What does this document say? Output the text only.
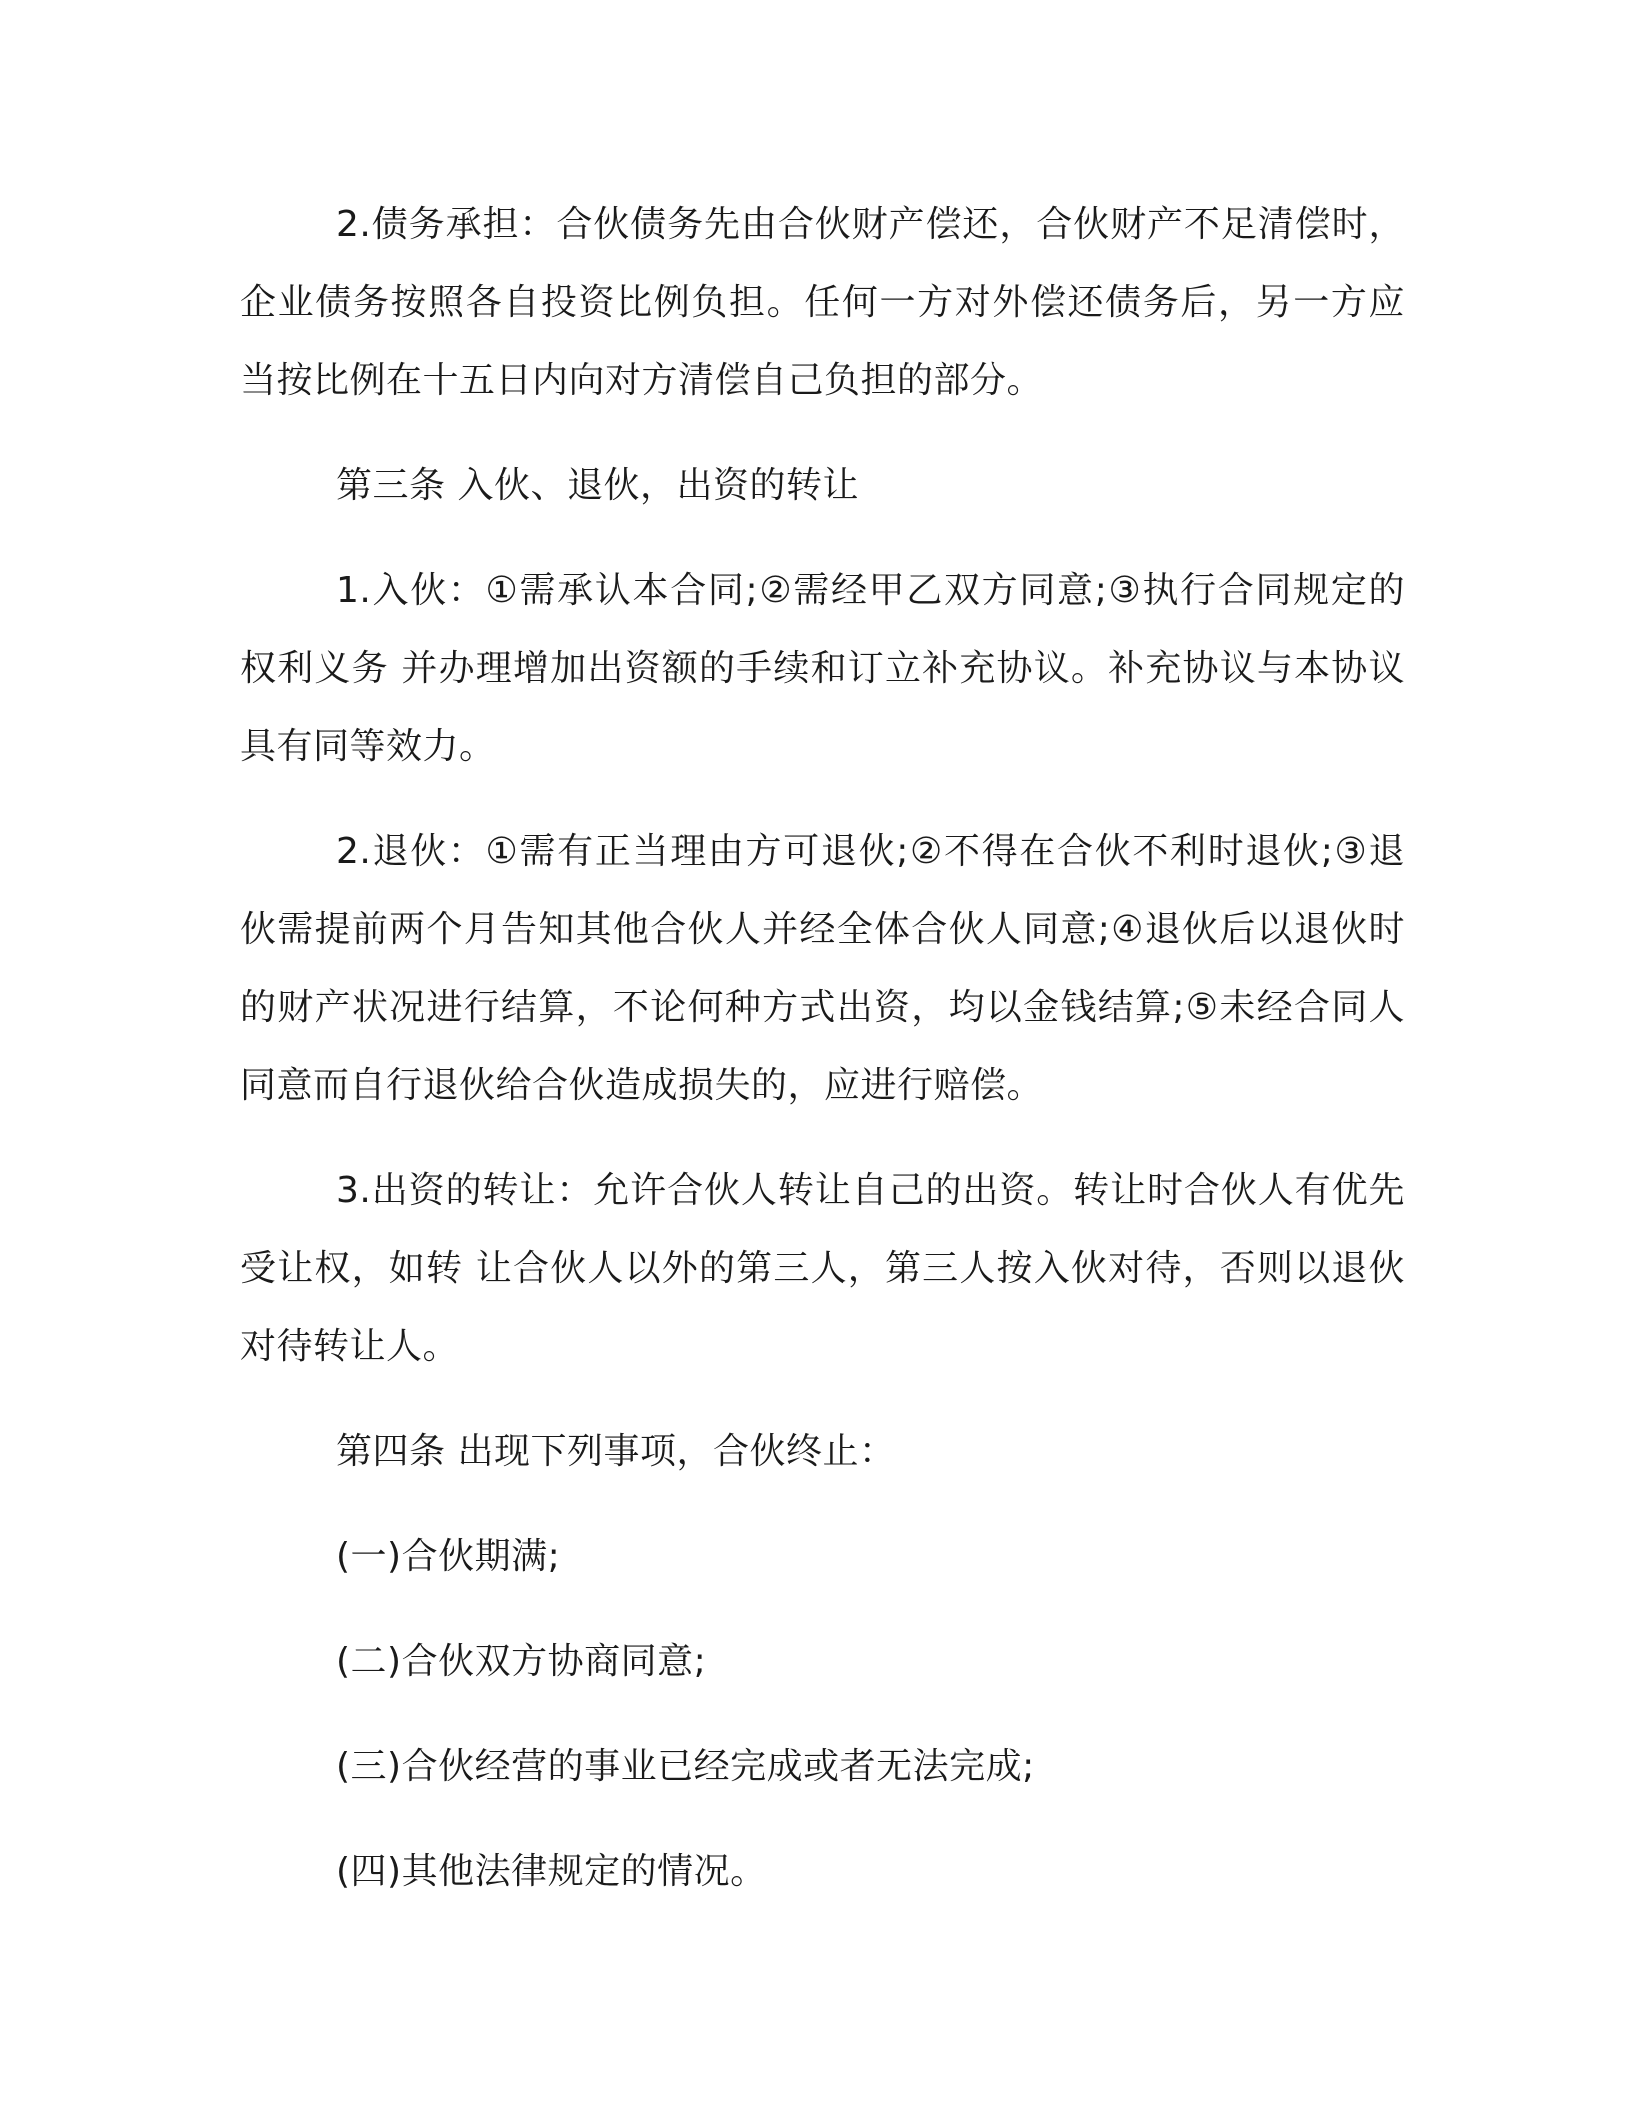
2.债务承担：合伙债务先由合伙财产偿还，合伙财产不足清偿时，企业债务按照各自投资比例负担。任何一方对外偿还债务后，另一方应当按比例在十五日内向对方清偿自己负担的部分。

第三条 入伙、退伙，出资的转让

1.入伙：①需承认本合同;②需经甲乙双方同意;③执行合同规定的权利义务 并办理增加出资额的手续和订立补充协议。补充协议与本协议具有同等效力。

2.退伙：①需有正当理由方可退伙;②不得在合伙不利时退伙;③退伙需提前两个月告知其他合伙人并经全体合伙人同意;④退伙后以退伙时的财产状况进行结算，不论何种方式出资，均以金钱结算;⑤未经合同人同意而自行退伙给合伙造成损失的，应进行赔偿。

3.出资的转让：允许合伙人转让自己的出资。转让时合伙人有优先受让权，如转 让合伙人以外的第三人，第三人按入伙对待，否则以退伙对待转让人。

第四条 出现下列事项，合伙终止：

(一)合伙期满;

(二)合伙双方协商同意;

(三)合伙经营的事业已经完成或者无法完成;

(四)其他法律规定的情况。
